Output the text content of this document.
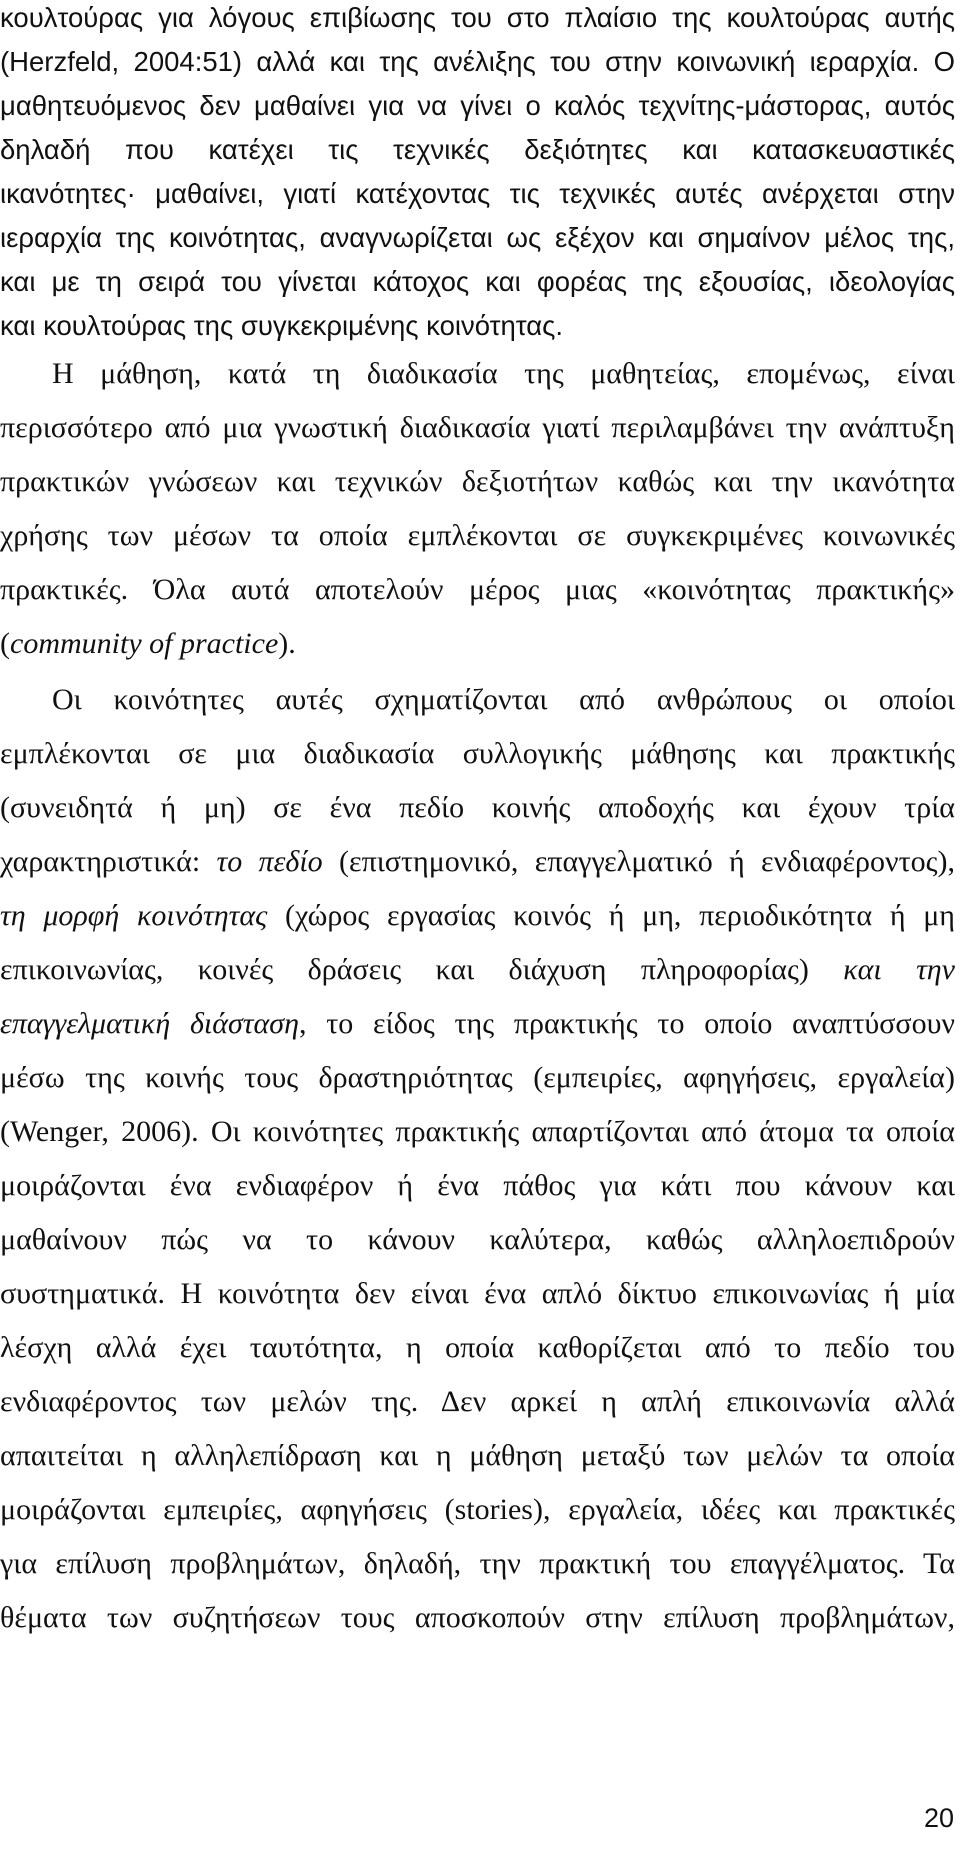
κουλτούρας για λόγους επιβίωσης του στο πλαίσιο της κουλτούρας αυτής
(Herzfeld, 2004:51) αλλά και της ανέλιξης του στην κοινωνική ιεραρχία. Ο
μαθητευόμενος δεν μαθαίνει για να γίνει ο καλός τεχνίτης-μάστορας, αυτός
δηλαδή που κατέχει τις τεχνικές δεξιότητες και κατασκευαστικές
ικανότητες· μαθαίνει, γιατί κατέχοντας τις τεχνικές αυτές ανέρχεται στην
ιεραρχία της κοινότητας, αναγνωρίζεται ως εξέχον και σημαίνον μέλος της,
και με τη σειρά του γίνεται κάτοχος και φορέας της εξουσίας, ιδεολογίας
και κουλτούρας της συγκεκριμένης κοινότητας.
Η μάθηση, κατά τη διαδικασία της μαθητείας, επομένως, είναι
περισσότερο από μια γνωστική διαδικασία γιατί περιλαμβάνει την ανάπτυξη
πρακτικών γνώσεων και τεχνικών δεξιοτήτων καθώς και την ικανότητα
χρήσης των μέσων τα οποία εμπλέκονται σε συγκεκριμένες κοινωνικές
πρακτικές. Όλα αυτά αποτελούν μέρος μιας «κοινότητας πρακτικής»
(community of practice).
Οι κοινότητες αυτές σχηματίζονται από ανθρώπους οι οποίοι
εμπλέκονται σε μια διαδικασία συλλογικής μάθησης και πρακτικής
(συνειδητά ή μη) σε ένα πεδίο κοινής αποδοχής και έχουν τρία
χαρακτηριστικά: το πεδίο (επιστημονικό, επαγγελματικό ή ενδιαφέροντος),
τη μορφή κοινότητας (χώρος εργασίας κοινός ή μη, περιοδικότητα ή μη
επικοινωνίας, κοινές δράσεις και διάχυση πληροφορίας) και την
επαγγελματική διάσταση, το είδος της πρακτικής το οποίο αναπτύσσουν
μέσω της κοινής τους δραστηριότητας (εμπειρίες, αφηγήσεις, εργαλεία)
(Wenger, 2006). Οι κοινότητες πρακτικής απαρτίζονται από άτομα τα οποία
μοιράζονται ένα ενδιαφέρον ή ένα πάθος για κάτι που κάνουν και
μαθαίνουν πώς να το κάνουν καλύτερα, καθώς αλληλοεπιδρούν
συστηματικά. Η κοινότητα δεν είναι ένα απλό δίκτυο επικοινωνίας ή μία
λέσχη αλλά έχει ταυτότητα, η οποία καθορίζεται από το πεδίο του
ενδιαφέροντος των μελών της. Δεν αρκεί η απλή επικοινωνία αλλά
απαιτείται η αλληλεπίδραση και η μάθηση μεταξύ των μελών τα οποία
μοιράζονται εμπειρίες, αφηγήσεις (stories), εργαλεία, ιδέες και πρακτικές
για επίλυση προβλημάτων, δηλαδή, την πρακτική του επαγγέλματος. Τα
θέματα των συζητήσεων τους αποσκοπούν στην επίλυση προβλημάτων,
20
